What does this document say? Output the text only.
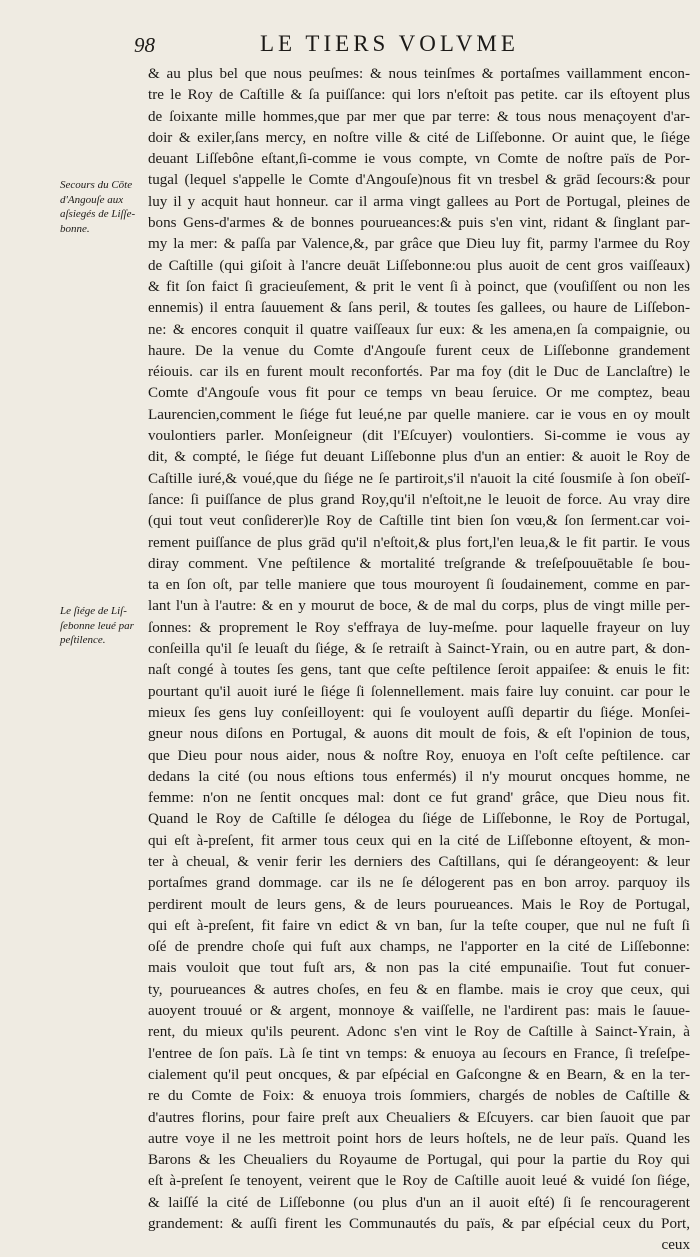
98	LE TIERS VOLVME
Secours du Cōte
d'Angouſe aux
aſsiegés de Liſſe-
bonne.
Le ſiége de Liſ-
ſebonne leué par
peſtilence.
& au plus bel que nous peuſmes: & nous teinſmes & portaſmes vaillamment encon-
tre le Roy de Caſtille & ſa puiſſance: qui lors n'eſtoit pas petite. car ils eſtoyent plus
de ſoixante mille hommes,que par mer que par terre: & tous nous menaçoyent d'ar-
doir & exiler,ſans mercy, en noſtre ville & cité de Liſſebonne. Or auint que, le ſiége
deuant Liſſebône eſtant,ſi-comme ie vous compte, vn Comte de noſtre païs de Por-
tugal (lequel s'appelle le Comte d'Angouſe)nous fit vn tresbel & grād ſecours:& pour
luy il y acquit haut honneur. car il arma vingt gallees au Port de Portugal, pleines de
bons Gens-d'armes & de bonnes pourueances:& puis s'en vint, ridant & ſinglant par-
my la mer: & paſſa par Valence,&, par grâce que Dieu luy fit, parmy l'armee du Roy
de Caſtille (qui giſoit à l'ancre deuāt Liſſebonne:ou plus auoit de cent gros vaiſſeaux)
& fit ſon faict ſi gracieuſement, & prit le vent ſi à poinct, que (vouſiſſent ou non les
ennemis) il entra ſauuement & ſans peril, & toutes ſes gallees, ou haure de Liſſebon-
ne: & encores conquit il quatre vaiſſeaux ſur eux: & les amena,en ſa compaignie, ou
haure. De la venue du Comte d'Angouſe furent ceux de Liſſebonne grandement
réiouis. car ils en furent moult reconfortés. Par ma foy (dit le Duc de Lanclaſtre) le
Comte d'Angouſe vous fit pour ce temps vn beau ſeruice. Or me comptez, beau
Laurencien,comment le ſiége fut leué,ne par quelle maniere. car ie vous en oy moult
voulontiers parler. Monſeigneur (dit l'Eſcuyer) voulontiers. Si-comme ie vous ay
dit, & compté, le ſiége fut deuant Liſſebonne plus d'un an entier: & auoit le Roy de
Caſtille iuré,& voué,que du ſiége ne ſe partiroit,s'il n'auoit la cité ſousmiſe à ſon obeïſ-
ſance: ſi puiſſance de plus grand Roy,qu'il n'eſtoit,ne le leuoit de force. Au vray dire
(qui tout veut conſiderer)le Roy de Caſtille tint bien ſon vœu,& ſon ſerment.car voi-
rement puiſſance de plus grād qu'il n'eſtoit,& plus fort,l'en leua,& le fit partir. Ie vous
diray comment. Vne peſtilence & mortalité treſgrande & treſeſpouuētable ſe bou-
ta en ſon oſt, par telle maniere que tous mouroyent ſi ſoudainement, comme en par-
lant l'un à l'autre: & en y mourut de boce, & de mal du corps, plus de vingt mille per-
ſonnes: & proprement le Roy s'effraya de luy-meſme. pour laquelle frayeur on luy
conſeilla qu'il ſe leuaſt du ſiége, & ſe retraiſt à Sainct-Yrain, ou en autre part, & don-
naſt congé à toutes ſes gens, tant que ceſte peſtilence ſeroit appaiſee: & enuis le fit:
pourtant qu'il auoit iuré le ſiége ſi ſolennellement. mais faire luy conuint. car pour le
mieux ſes gens luy conſeilloyent: qui ſe vouloyent auſſi departir du ſiége. Monſei-
gneur nous diſons en Portugal, & auons dit moult de fois, & eſt l'opinion de tous,
que Dieu pour nous aider, nous & noſtre Roy, enuoya en l'oſt ceſte peſtilence. car
dedans la cité (ou nous eſtions tous enfermés) il n'y mourut oncques homme, ne
femme: n'on ne ſentit oncques mal: dont ce fut grand' grâce, que Dieu nous fit.
Quand le Roy de Caſtille ſe délogea du ſiége de Liſſebonne, le Roy de Portugal,
qui eſt à-preſent, fit armer tous ceux qui en la cité de Liſſebonne eſtoyent, & mon-
ter à cheual, & venir ferir les derniers des Caſtillans, qui ſe dérangeoyent: & leur
portaſmes grand dommage. car ils ne ſe délogerent pas en bon arroy. parquoy ils
perdirent moult de leurs gens, & de leurs pourueances. Mais le Roy de Portugal,
qui eſt à-preſent, fit faire vn edict & vn ban, ſur la teſte couper, que nul ne fuſt ſi
oſé de prendre choſe qui fuſt aux champs, ne l'apporter en la cité de Liſſebonne:
mais vouloit que tout fuſt ars, & non pas la cité empunaiſie. Tout fut conuer-
ty, pourueances & autres choſes, en feu & en flambe. mais ie croy que ceux, qui
auoyent trouué or & argent, monnoye & vaiſſelle, ne l'ardirent pas: mais le ſauue-
rent, du mieux qu'ils peurent. Adonc s'en vint le Roy de Caſtille à Sainct-Yrain, à
l'entree de ſon païs. Là ſe tint vn temps: & enuoya au ſecours en France, ſi treſeſpe-
cialement qu'il peut oncques, & par eſpécial en Gaſcongne & en Bearn, & en la ter-
re du Comte de Foix: & enuoya trois ſommiers, chargés de nobles de Caſtille &
d'autres florins, pour faire preſt aux Cheualiers & Eſcuyers. car bien ſauoit que par
autre voye il ne les mettroit point hors de leurs hoſtels, ne de leur païs. Quand les
Barons & les Cheualiers du Royaume de Portugal, qui pour la partie du Roy qui
eſt à-preſent ſe tenoyent, veirent que le Roy de Caſtille auoit leué & vuidé ſon ſiége,
& laiſſé la cité de Liſſebonne (ou plus d'un an il auoit eſté) ſi ſe rencouragerent
grandement: & auſſi firent les Communautés du païs, & par eſpécial ceux du Port,
ceux
